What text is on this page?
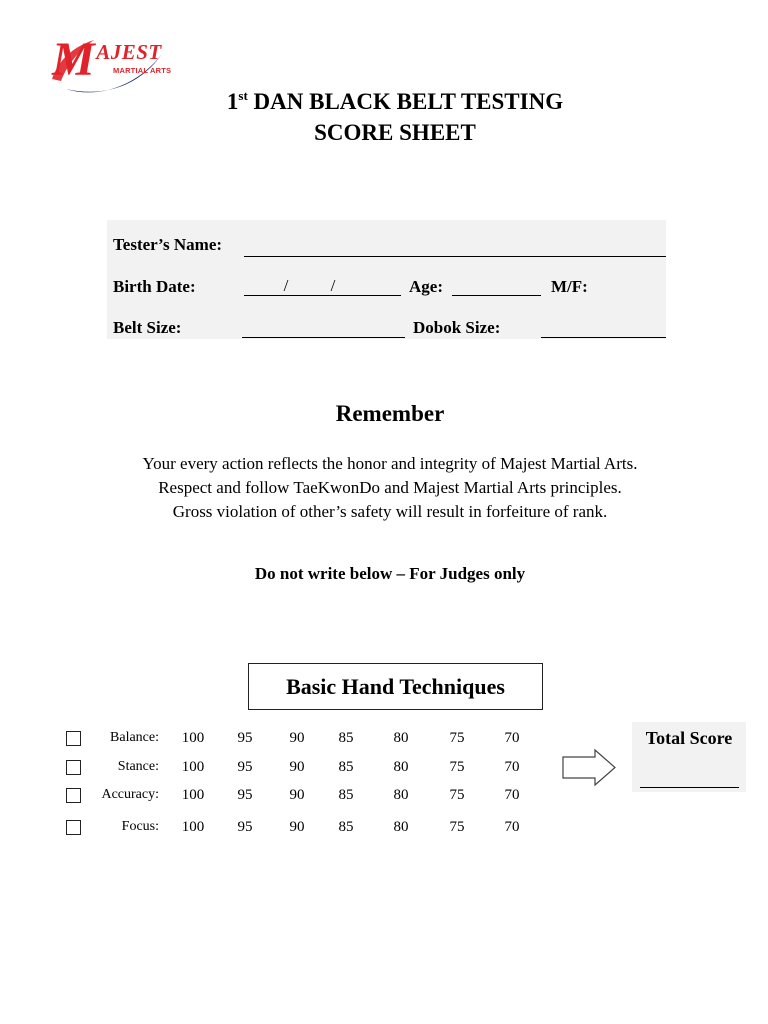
MAJEST
MARTIAL ARTS
1st DAN BLACK BELT TESTING
SCORE SHEET
Tester’s Name:
Birth Date:	/ /	Age:	M/F:
Belt Size:	Dobok Size:
Remember
Your every action reflects the honor and integrity of Majest Martial Arts.
Respect and follow TaeKwonDo and Majest Martial Arts principles.
Gross violation of other’s safety will result in forfeiture of rank.
Do not write below – For Judges only
Basic Hand Techniques
Balance:	100	95	90	85	80	75	70
Stance:	100	95	90	85	80	75	70
Accuracy:	100	95	90	85	80	75	70
Focus:	100	95	90	85	80	75	70
Total Score
